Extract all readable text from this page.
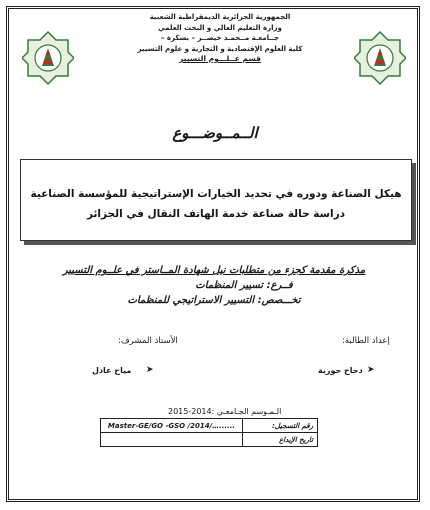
الجمهورية الجزائرية الديمقراطية الشعبية
وزارة التعليم العالي و البحث العلمي
جــامعـة مــحمـد خيضــر – بسكرة –
كلية العلوم الإقتصادية و التجارية و علوم التسيير
قسم عــلـــوم التسيير
الــمــوضـــوع
هيكل الصناعة ودوره في تحديد الخيارات الإستراتيجية للمؤسسة الصناعية
دراسة حالة صناعة خدمة الهاتف النقال في الجزائر
مذكرة مقدمة كجزء من متطلبات نيل شهادة المــاستر في علــوم التسيير
فــرع: تسيير المنظمات
تخـــصص: التسيير الاستراتيجي للمنظمات
إعداد الطالبة:
الأستاذ المشرف:
➤
دحاح حورية
➤
مياح عادل
الـمـوسم الجـامعـي :2014-2015
رقم التسجيل:	Master-GE/GO -GSO /2014/…......
تاريخ الإيداع	
